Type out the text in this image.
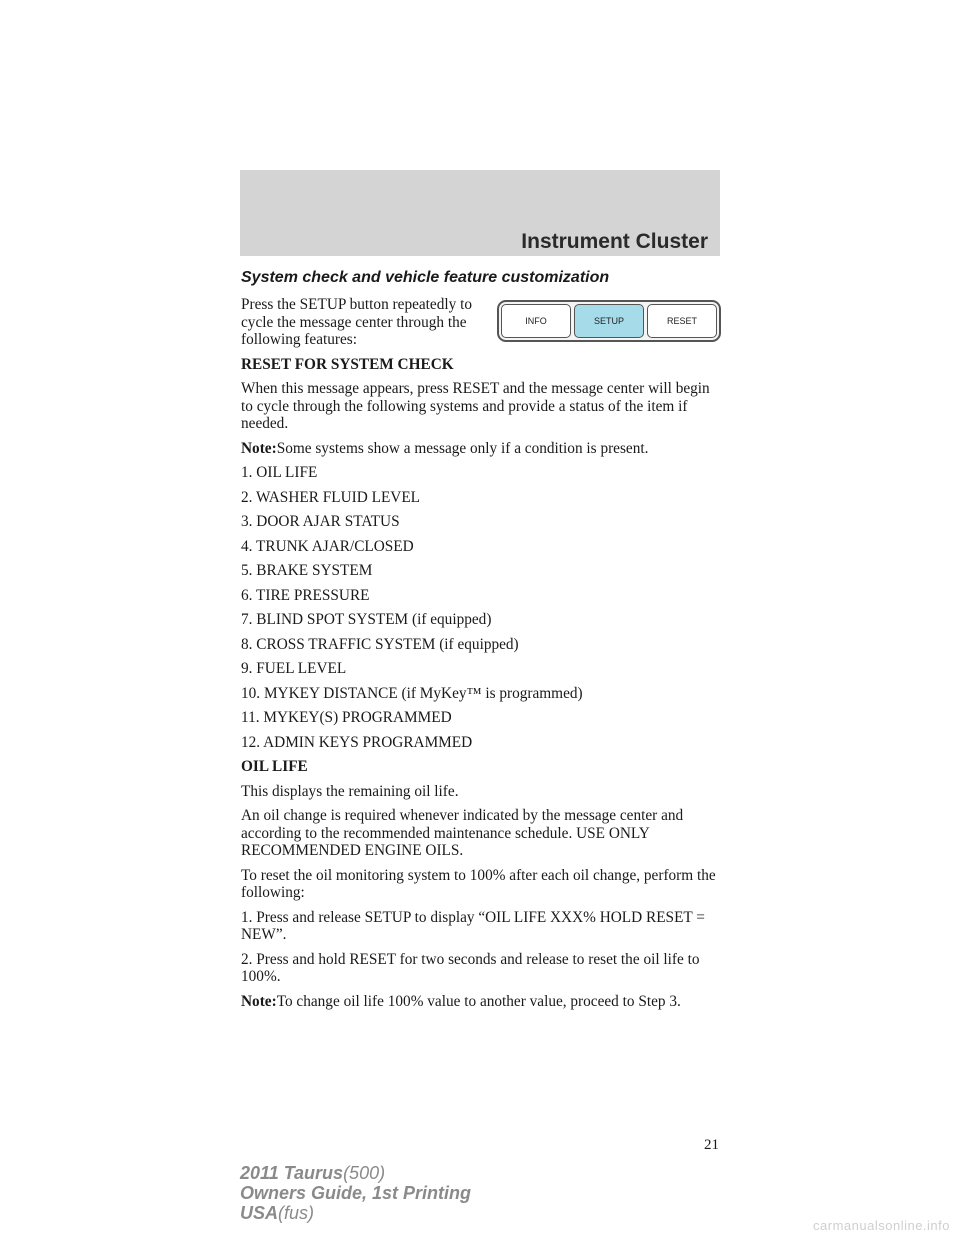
Instrument Cluster
System check and vehicle feature customization

Press the SETUP button repeatedly to cycle the message center through the following features:

INFO	SETUP	RESET

RESET FOR SYSTEM CHECK

When this message appears, press RESET and the message center will begin to cycle through the following systems and provide a status of the item if needed.

Note:Some systems show a message only if a condition is present.

1. OIL LIFE
2. WASHER FLUID LEVEL
3. DOOR AJAR STATUS
4. TRUNK AJAR/CLOSED
5. BRAKE SYSTEM
6. TIRE PRESSURE
7. BLIND SPOT SYSTEM (if equipped)
8. CROSS TRAFFIC SYSTEM (if equipped)
9. FUEL LEVEL
10. MYKEY DISTANCE (if MyKey™ is programmed)
11. MYKEY(S) PROGRAMMED
12. ADMIN KEYS PROGRAMMED

OIL LIFE

This displays the remaining oil life.

An oil change is required whenever indicated by the message center and according to the recommended maintenance schedule. USE ONLY RECOMMENDED ENGINE OILS.

To reset the oil monitoring system to 100% after each oil change, perform the following:

1. Press and release SETUP to display “OIL LIFE XXX% HOLD RESET = NEW”.

2. Press and hold RESET for two seconds and release to reset the oil life to 100%.

Note:To change oil life 100% value to another value, proceed to Step 3.

21
2011 Taurus(500)
Owners Guide, 1st Printing
USA(fus)
carmanualsonline.info
